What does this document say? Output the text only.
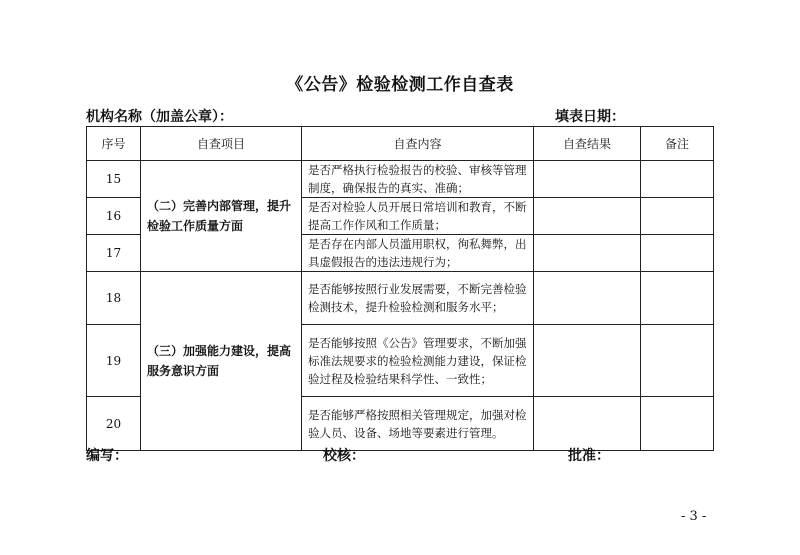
《公告》检验检测工作自查表
机构名称（加盖公章）：	填表日期：
序号	自查项目	自查内容	自查结果	备注
15	（二）完善内部管理，提升检验工作质量方面	是否严格执行检验报告的校验、审核等管理制度，确保报告的真实、准确；		
16		是否对检验人员开展日常培训和教育，不断提高工作作风和工作质量；		
17		是否存在内部人员滥用职权，徇私舞弊，出具虚假报告的违法违规行为；		
18	（三）加强能力建设，提高服务意识方面	是否能够按照行业发展需要，不断完善检验检测技术，提升检验检测和服务水平；		
19		是否能够按照《公告》管理要求，不断加强标准法规要求的检验检测能力建设，保证检验过程及检验结果科学性、一致性；		
20		是否能够严格按照相关管理规定，加强对检验人员、设备、场地等要素进行管理。		
编写：	校核：	批准：
- 3 -
